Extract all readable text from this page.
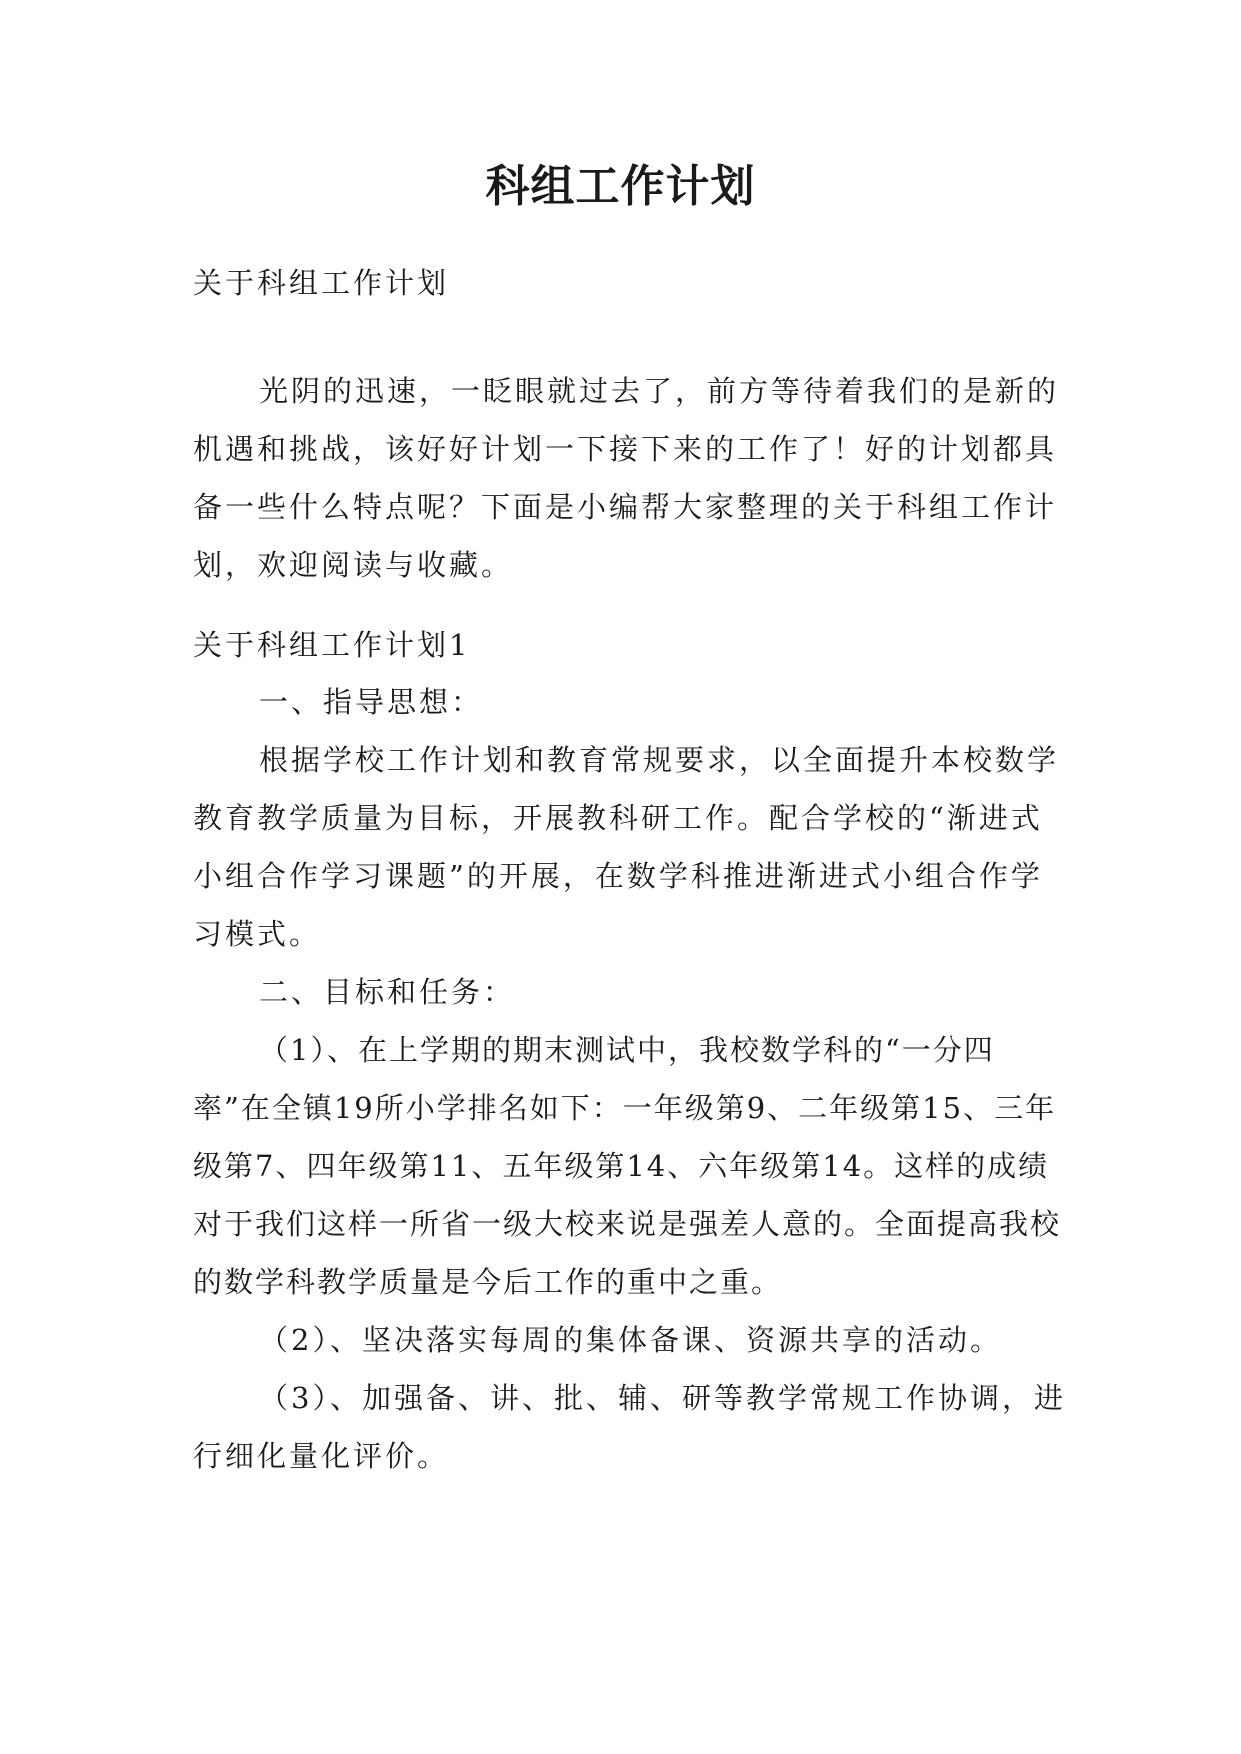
科组工作计划
关于科组工作计划

光阴的迅速，一眨眼就过去了，前方等待着我们的是新的机遇和挑战，该好好计划一下接下来的工作了！好的计划都具备一些什么特点呢？下面是小编帮大家整理的关于科组工作计划，欢迎阅读与收藏。

关于科组工作计划1

一、指导思想：

根据学校工作计划和教育常规要求，以全面提升本校数学教育教学质量为目标，开展教科研工作。配合学校的“渐进式小组合作学习课题”的开展，在数学科推进渐进式小组合作学习模式。

二、目标和任务：

（1）、在上学期的期末测试中，我校数学科的“一分四率”在全镇19所小学排名如下：一年级第9、二年级第15、三年级第7、四年级第11、五年级第14、六年级第14。这样的成绩对于我们这样一所省一级大校来说是强差人意的。全面提高我校的数学科教学质量是今后工作的重中之重。

（2）、坚决落实每周的集体备课、资源共享的活动。

（3）、加强备、讲、批、辅、研等教学常规工作协调，进行细化量化评价。
